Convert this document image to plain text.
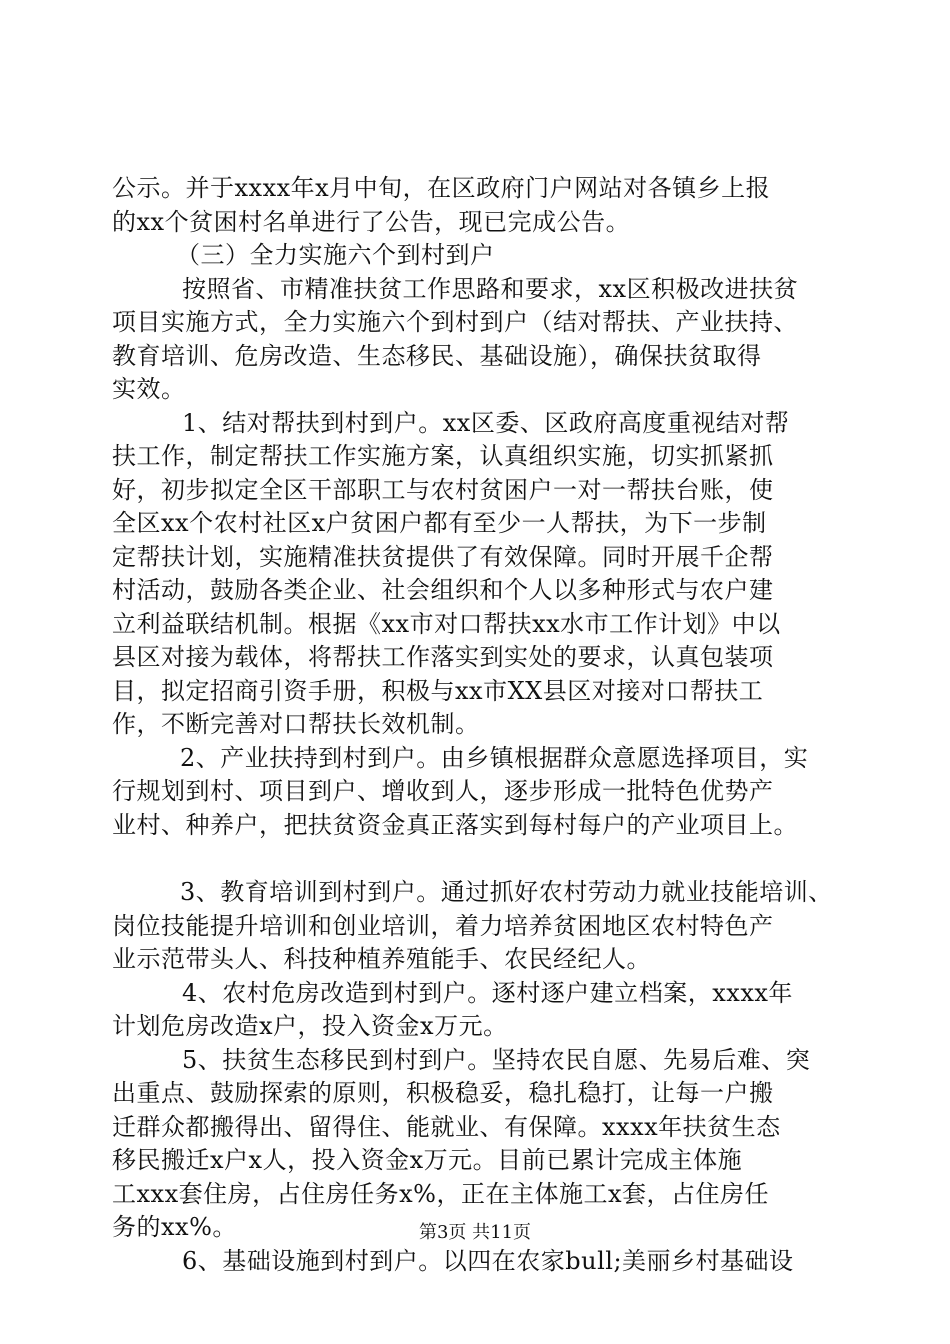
公示。并于xxxx年x月中旬，在区政府门户网站对各镇乡上报
的xx个贫困村名单进行了公告，现已完成公告。
（三）全力实施六个到村到户
按照省、市精准扶贫工作思路和要求，xx区积极改进扶贫
项目实施方式，全力实施六个到村到户（结对帮扶、产业扶持、
教育培训、危房改造、生态移民、基础设施），确保扶贫取得
实效。
1、结对帮扶到村到户。xx区委、区政府高度重视结对帮
扶工作，制定帮扶工作实施方案，认真组织实施，切实抓紧抓
好，初步拟定全区干部职工与农村贫困户一对一帮扶台账，使
全区xx个农村社区x户贫困户都有至少一人帮扶，为下一步制
定帮扶计划，实施精准扶贫提供了有效保障。同时开展千企帮
村活动，鼓励各类企业、社会组织和个人以多种形式与农户建
立利益联结机制。根据《xx市对口帮扶xx水市工作计划》中以
县区对接为载体，将帮扶工作落实到实处的要求，认真包装项
目，拟定招商引资手册，积极与xx市XX县区对接对口帮扶工
作，不断完善对口帮扶长效机制。
2、产业扶持到村到户。由乡镇根据群众意愿选择项目，实
行规划到村、项目到户、增收到人，逐步形成一批特色优势产
业村、种养户，把扶贫资金真正落实到每村每户的产业项目上。
3、教育培训到村到户。通过抓好农村劳动力就业技能培训、
岗位技能提升培训和创业培训，着力培养贫困地区农村特色产
业示范带头人、科技种植养殖能手、农民经纪人。
4、农村危房改造到村到户。逐村逐户建立档案，xxxx年
计划危房改造x户，投入资金x万元。
5、扶贫生态移民到村到户。坚持农民自愿、先易后难、突
出重点、鼓励探索的原则，积极稳妥，稳扎稳打，让每一户搬
迁群众都搬得出、留得住、能就业、有保障。xxxx年扶贫生态
移民搬迁x户x人，投入资金x万元。目前已累计完成主体施
工xxx套住房，占住房任务x%，正在主体施工x套，占住房任
务的xx%。
6、基础设施到村到户。以四在农家bull;美丽乡村基础设
第3页 共11页
